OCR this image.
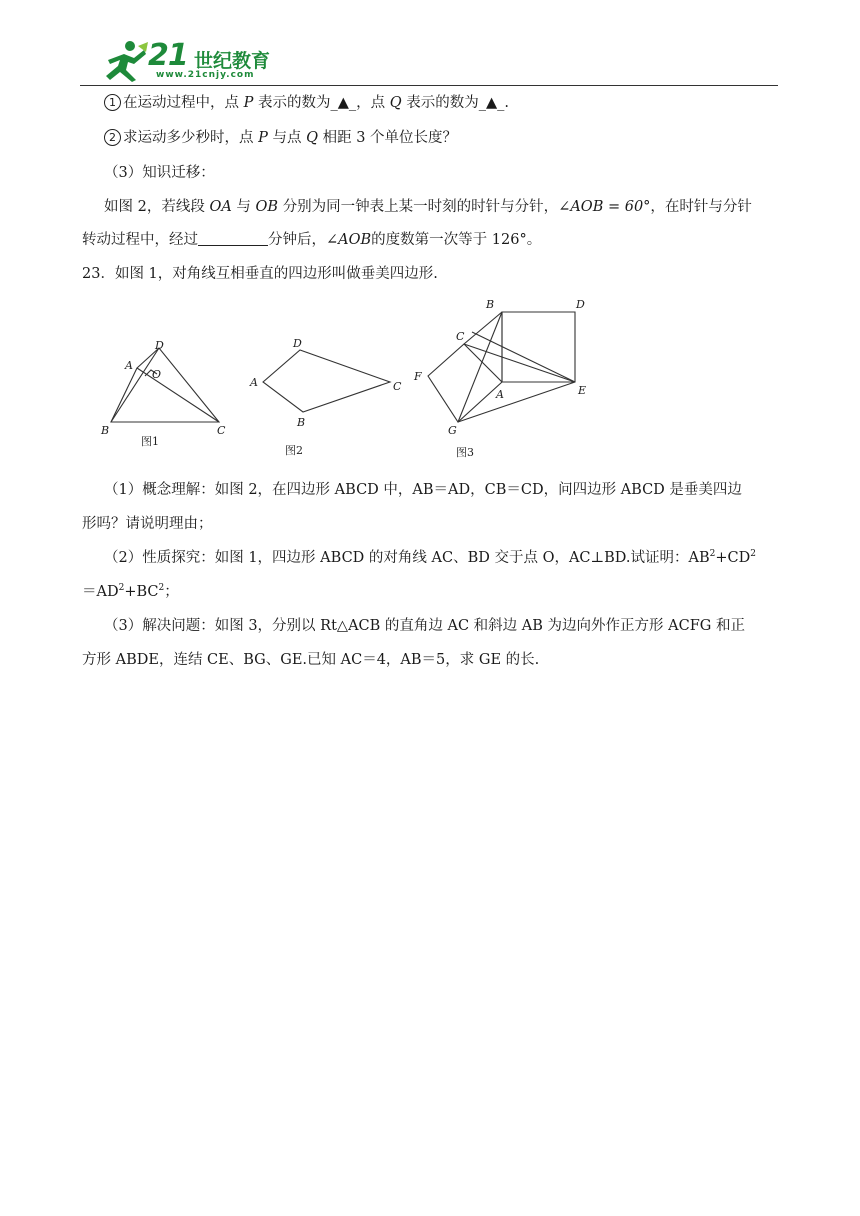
21 世纪教育
www.21cnjy.com
1 在运动过程中，点 P 表示的数为_▲_，点 Q 表示的数为_▲_.
2 求运动多少秒时，点 P 与点 Q 相距 3 个单位长度？
（3）知识迁移：
如图 2，若线段 OA 与 OB 分别为同一钟表上某一时刻的时针与分针，∠AOB = 60°，在时针与分针
转动过程中，经过	分钟后，∠AOB的度数第一次等于 126°。
23．如图 1，对角线互相垂直的四边形叫做垂美四边形.
A
D
O
B	C
图1
A
D
C
B
图2
B	D
C
F
A	E
G
图3
（1）概念理解：如图 2，在四边形 ABCD 中，AB＝AD，CB＝CD，问四边形 ABCD 是垂美四边
形吗？请说明理由；
（2）性质探究：如图 1，四边形 ABCD 的对角线 AC、BD 交于点 O，AC⊥BD.试证明：$AB^2+CD^2$
$=AD^2+BC^2$；
（3）解决问题：如图 3，分别以 Rt△ACB 的直角边 AC 和斜边 AB 为边向外作正方形 ACFG 和正
方形 ABDE，连结 CE、BG、GE.已知 AC＝4，AB＝5，求 GE 的长.
